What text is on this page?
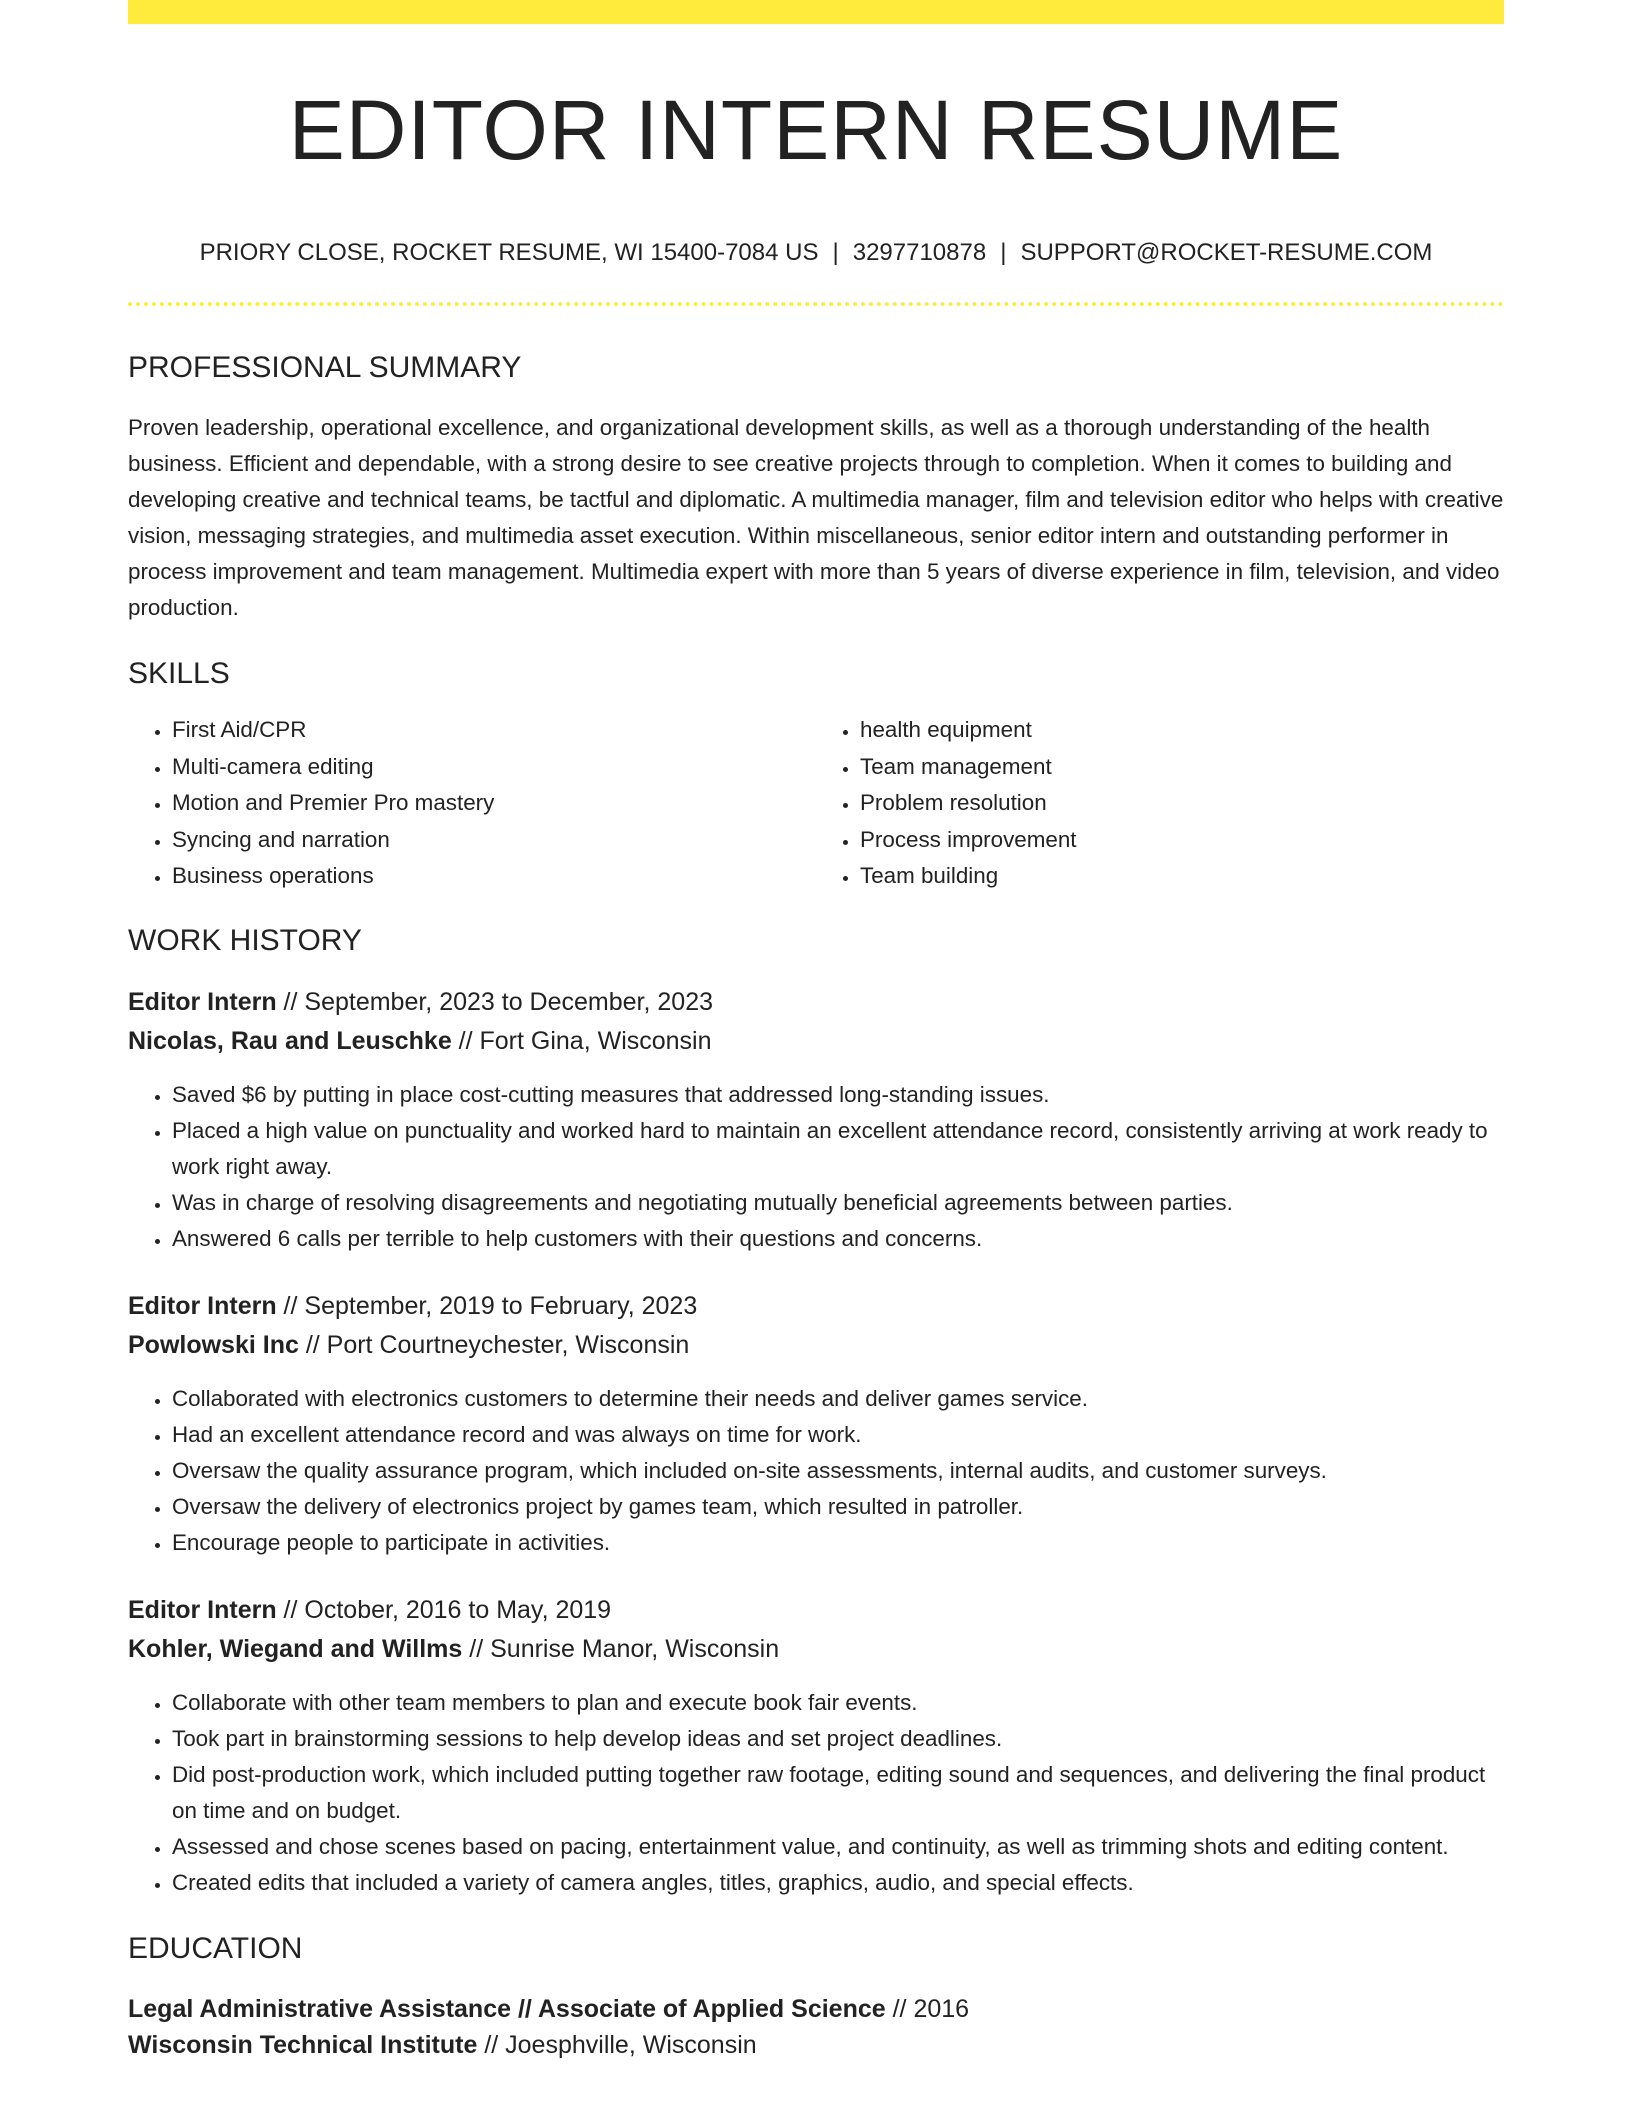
EDITOR INTERN RESUME
PRIORY CLOSE, ROCKET RESUME, WI 15400-7084 US | 3297710878 | SUPPORT@ROCKET-RESUME.COM
PROFESSIONAL SUMMARY
Proven leadership, operational excellence, and organizational development skills, as well as a thorough understanding of the health business. Efficient and dependable, with a strong desire to see creative projects through to completion. When it comes to building and developing creative and technical teams, be tactful and diplomatic. A multimedia manager, film and television editor who helps with creative vision, messaging strategies, and multimedia asset execution. Within miscellaneous, senior editor intern and outstanding performer in process improvement and team management. Multimedia expert with more than 5 years of diverse experience in film, television, and video production.
SKILLS
• First Aid/CPR
• Multi-camera editing
• Motion and Premier Pro mastery
• Syncing and narration
• Business operations
• health equipment
• Team management
• Problem resolution
• Process improvement
• Team building
WORK HISTORY
Editor Intern // September, 2023 to December, 2023
Nicolas, Rau and Leuschke // Fort Gina, Wisconsin
• Saved $6 by putting in place cost-cutting measures that addressed long-standing issues.
• Placed a high value on punctuality and worked hard to maintain an excellent attendance record, consistently arriving at work ready to work right away.
• Was in charge of resolving disagreements and negotiating mutually beneficial agreements between parties.
• Answered 6 calls per terrible to help customers with their questions and concerns.
Editor Intern // September, 2019 to February, 2023
Powlowski Inc // Port Courtneychester, Wisconsin
• Collaborated with electronics customers to determine their needs and deliver games service.
• Had an excellent attendance record and was always on time for work.
• Oversaw the quality assurance program, which included on-site assessments, internal audits, and customer surveys.
• Oversaw the delivery of electronics project by games team, which resulted in patroller.
• Encourage people to participate in activities.
Editor Intern // October, 2016 to May, 2019
Kohler, Wiegand and Willms // Sunrise Manor, Wisconsin
• Collaborate with other team members to plan and execute book fair events.
• Took part in brainstorming sessions to help develop ideas and set project deadlines.
• Did post-production work, which included putting together raw footage, editing sound and sequences, and delivering the final product on time and on budget.
• Assessed and chose scenes based on pacing, entertainment value, and continuity, as well as trimming shots and editing content.
• Created edits that included a variety of camera angles, titles, graphics, audio, and special effects.
EDUCATION
Legal Administrative Assistance // Associate of Applied Science // 2016
Wisconsin Technical Institute // Joesphville, Wisconsin
